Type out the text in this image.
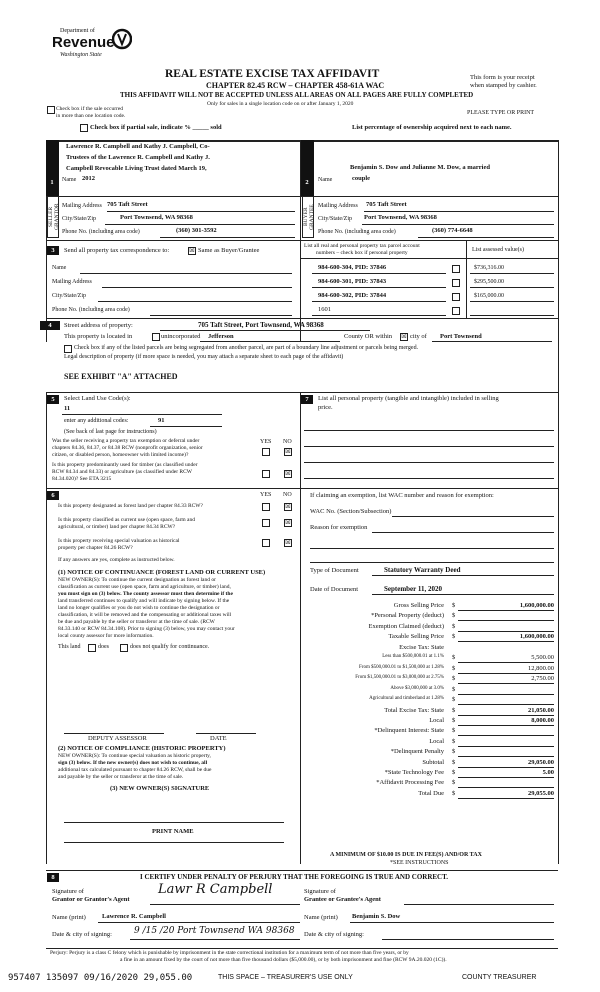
Department of
Revenue
Washington State
REAL ESTATE EXCISE TAX AFFIDAVIT
CHAPTER 82.45 RCW – CHAPTER 458-61A WAC
THIS AFFIDAVIT WILL NOT BE ACCEPTED UNLESS ALL AREAS ON ALL PAGES ARE FULLY COMPLETED
Only for sales in a single location code on or after January 1, 2020
This form is your receipt
when stamped by cashier.
PLEASE TYPE OR PRINT
Check box if the sale occurred
in more than one location code.
Check box if partial sale, indicate % _____ sold	List percentage of ownership acquired next to each name.
1
Lawrence R. Campbell and Kathy J. Campbell, Co-
Trustees of the Lawrence R. Campbell and Kathy J.
Campbell Revocable Living Trust dated March 19,
Name 2012
SELLER GRANTOR Mailing Address 705 Taft Street
City/State/Zip	Port Townsend, WA 98368
Phone No. (including area code)	(360) 301-3592
2
Benjamin S. Dow and Julianne M. Dow, a married
Name	couple
BUYER GRANTEE Mailing Address 705 Taft Street
City/State/Zip Port Townsend, WA 98368
Phone No. (including area code)	(360) 774-6648
3	Send all property tax correspondence to:	☒ Same as Buyer/Grantee
Name
Mailing Address
City/State/Zip
Phone No. (including area code)
List all real and personal property tax parcel account
numbers – check box if personal property	List assessed value(s)
984-600-304, PID: 37846	$736,316.00
984-600-301, PID: 37843	$295,500.00
984-600-302, PID: 37844	$165,000.00
1601
4	Street address of property:	705 Taft Street, Port Townsend, WA 98368
This property is located in	unincorporated Jefferson	County OR within ☒ city of Port Townsend
Check box if any of the listed parcels are being segregated from another parcel, are part of a boundary line adjustment or parcels being merged.
Legal description of property (if more space is needed, you may attach a separate sheet to each page of the affidavit)
SEE EXHIBIT "A" ATTACHED
5	Select Land Use Code(s):
11
enter any additional codes:	91
(See back of last page for instructions)
YES NO
Was the seller receiving a property tax exemption or deferral under
chapters 84.36, 84.37, or 84.38 RCW (nonprofit organization, senior
citizen, or disabled person, homeowner with limited income)?	☒
Is this property predominantly used for timber (as classified under
RCW 84.34 and 84.33) or agriculture (as classified under RCW
84.34.020)? See ETA 3215
☒
7	List all personal property (tangible and intangible) included in selling
price.
6	YES NO
Is this property designated as forest land per chapter 84.33 RCW?	☒
Is this property classified as current use (open space, farm and
agricultural, or timber) land per chapter 84.34 RCW?
☒
Is this property receiving special valuation as historical
property per chapter 84.26 RCW?
☒
If any answers are yes, complete as instructed below.
(1) NOTICE OF CONTINUANCE (FOREST LAND OR CURRENT USE)
NEW OWNER(S): To continue the current designation as forest land or
classification as current use (open space, farm and agriculture, or timber) land,
you must sign on (3) below. The county assessor must then determine if the
land transferred continues to qualify and will indicate by signing below. If the
land no longer qualifies or you do not wish to continue the designation or
classification, it will be removed and the compensating or additional taxes will
be due and payable by the seller or transferor at the time of sale. (RCW
84.33.140 or RCW 84.34.108). Prior to signing (3) below, you may contact your
local county assessor for more information.
This land	does	does not qualify for continuance.
DEPUTY ASSESSOR	DATE
(2) NOTICE OF COMPLIANCE (HISTORIC PROPERTY)
NEW OWNER(S): To continue special valuation as historic property,
sign (3) below. If the new owner(s) does not wish to continue, all
additional tax calculated pursuant to chapter 84.26 RCW, shall be due
and payable by the seller or transferor at the time of sale.
(3) NEW OWNER(S) SIGNATURE
PRINT NAME
If claiming an exemption, list WAC number and reason for exemption:
WAC No. (Section/Subsection)
Reason for exemption
Type of Document	Statutory Warranty Deed
Date of Document	September 11, 2020
Gross Selling Price $	1,600,000.00
*Personal Property (deduct) $
Exemption Claimed (deduct) $
Taxable Selling Price $	1,600,000.00
Excise Tax: State
Less than $500,000.01 at 1.1% $	5,500.00
From $500,000.01 to $1,500,000 at 1.28% $	12,800.00
From $1,500,000.01 to $3,000,000 at 2.75% $	2,750.00
Above $3,000,000 at 3.0% $
Agricultural and timberland at 1.28% $
Total Excise Tax: State $	21,050.00
Local $	8,000.00
*Delinquent Interest: State $
Local $
*Delinquent Penalty $
Subtotal $	29,050.00
*State Technology Fee $	5.00
*Affidavit Processing Fee $
Total Due $	29,055.00
A MINIMUM OF $10.00 IS DUE IN FEE(S) AND/OR TAX
*SEE INSTRUCTIONS
8	I CERTIFY UNDER PENALTY OF PERJURY THAT THE FOREGOING IS TRUE AND CORRECT.
Signature of
Grantor or Grantor's Agent
Lawr R Campbell	Signature of
Grantee or Grantee's Agent
Name (print) Lawrence R. Campbell	Name (print) Benjamin S. Dow
Date & city of signing: 9 /15 /20 Port Townsend WA 98368 Date & city of signing:
Perjury: Perjury is a class C felony which is punishable by imprisonment in the state correctional institution for a maximum term of not more than five years, or by
a fine in an amount fixed by the court of not more than five thousand dollars ($5,000.00), or by both imprisonment and fine (RCW 9A.20.020 (1C)).
957407 135097 09/16/2020 29,055.00	THIS SPACE – TREASURER'S USE ONLY	COUNTY TREASURER
